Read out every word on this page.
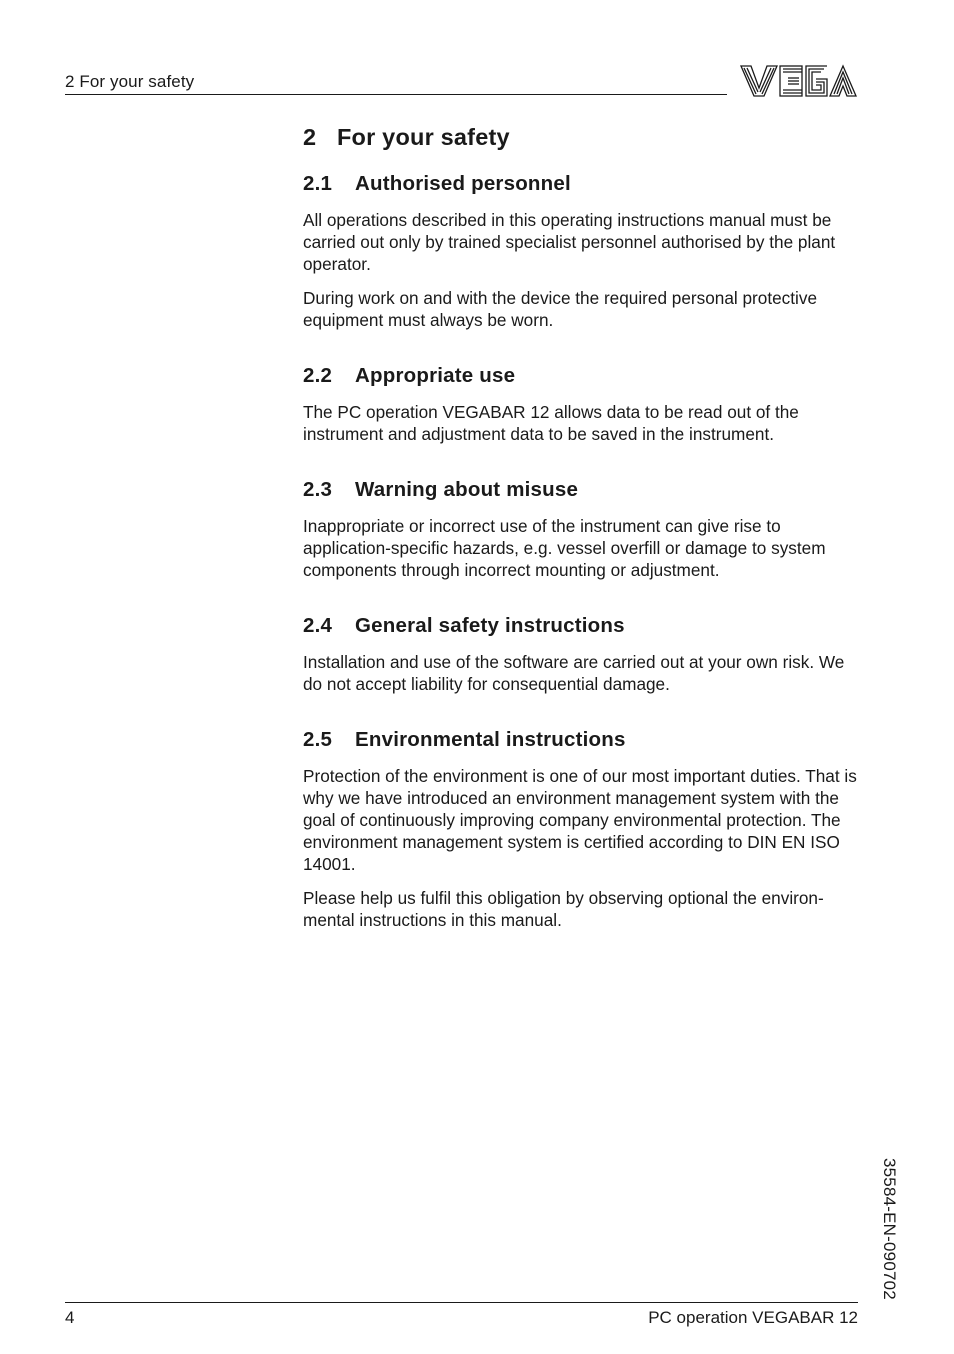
2 For your safety
2 For your safety
2.1 Authorised personnel

All operations described in this operating instructions manual must be carried out only by trained specialist personnel authorised by the plant operator.

During work on and with the device the required personal protective equipment must always be worn.

2.2 Appropriate use

The PC operation VEGABAR 12 allows data to be read out of the instrument and adjustment data to be saved in the instrument.

2.3 Warning about misuse

Inappropriate or incorrect use of the instrument can give rise to application-specific hazards, e.g. vessel overfill or damage to system components through incorrect mounting or adjustment.

2.4 General safety instructions

Installation and use of the software are carried out at your own risk. We do not accept liability for consequential damage.

2.5 Environmental instructions

Protection of the environment is one of our most important duties. That is why we have introduced an environment management system with the goal of continuously improving company environmental protection. The environment management system is certified according to DIN EN ISO 14001.

Please help us fulfil this obligation by observing optional the environ-mental instructions in this manual.

35584-EN-090702
4	PC operation VEGABAR 12
